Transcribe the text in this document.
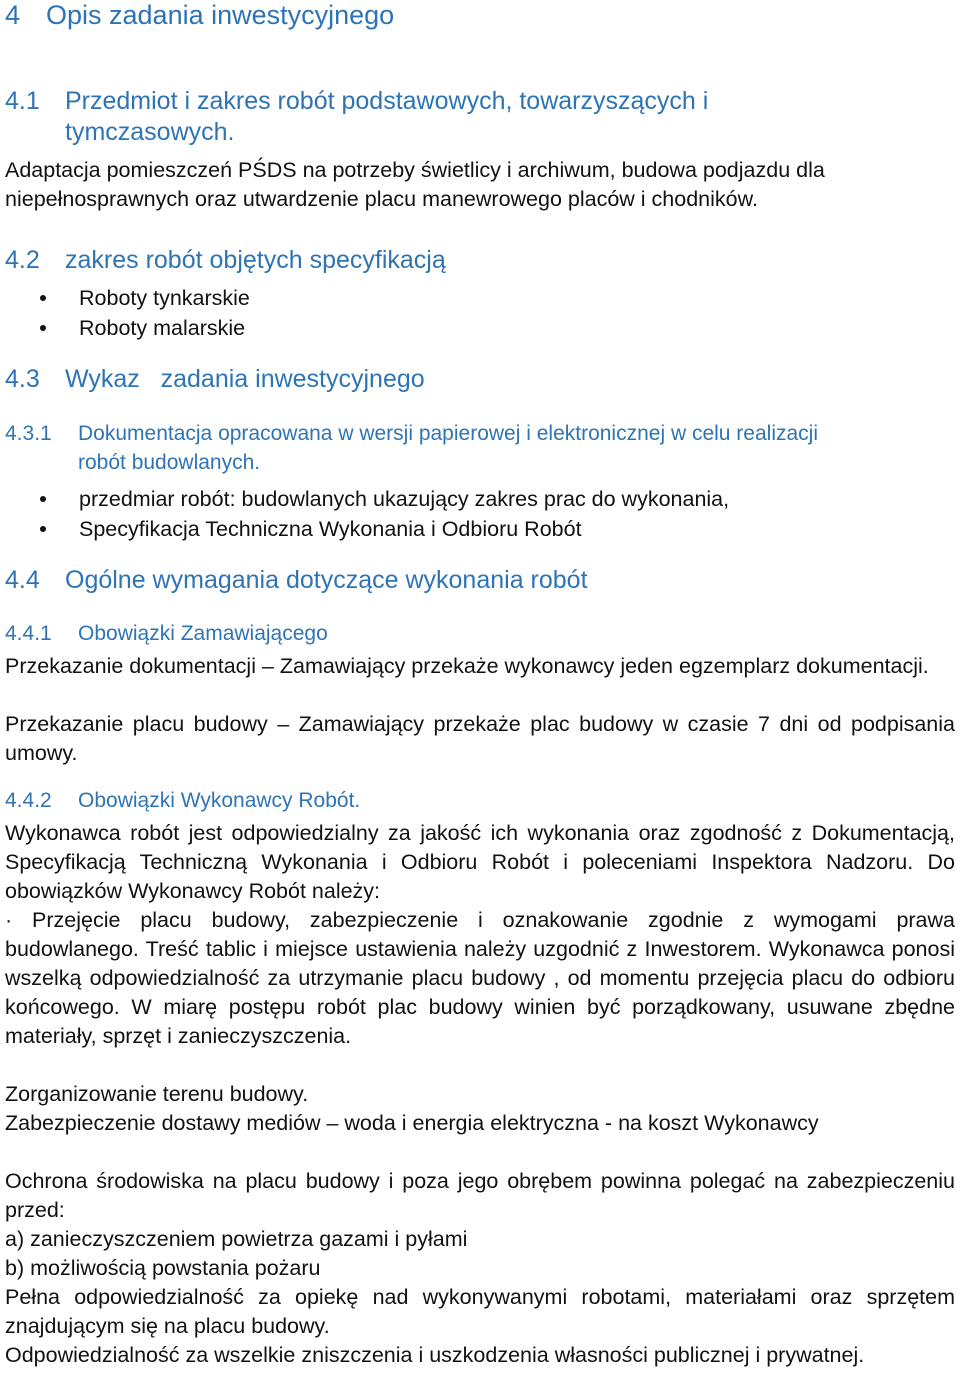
4 Opis zadania inwestycyjnego
4.1 Przedmiot i zakres robót podstawowych, towarzyszących i
tymczasowych.
Adaptacja pomieszczeń PŚDS na potrzeby świetlicy i archiwum, budowa podjazdu dla niepełnosprawnych oraz utwardzenie placu manewrowego placów i chodników.
4.2 zakres robót objętych specyfikacją
Roboty tynkarskie
Roboty malarskie
4.3 Wykaz   zadania inwestycyjnego
4.3.1 Dokumentacja opracowana w wersji papierowej i elektronicznej w celu realizacji
robót budowlanych.
przedmiar robót: budowlanych ukazujący zakres prac do wykonania,
Specyfikacja Techniczna Wykonania i Odbioru Robót
4.4 Ogólne wymagania dotyczące wykonania robót
4.4.1 Obowiązki Zamawiającego
Przekazanie dokumentacji – Zamawiający przekaże wykonawcy jeden egzemplarz dokumentacji.
Przekazanie placu budowy – Zamawiający przekaże plac budowy w czasie 7 dni od podpisania umowy.
4.4.2 Obowiązki Wykonawcy Robót.
Wykonawca robót jest odpowiedzialny za jakość ich wykonania oraz zgodność z Dokumentacją, Specyfikacją Techniczną Wykonania i Odbioru Robót i poleceniami Inspektora Nadzoru. Do obowiązków Wykonawcy Robót należy:
· Przejęcie placu budowy, zabezpieczenie i oznakowanie zgodnie z wymogami prawa budowlanego. Treść tablic i miejsce ustawienia należy uzgodnić z Inwestorem. Wykonawca ponosi wszelką odpowiedzialność za utrzymanie placu budowy , od momentu przejęcia placu do odbioru końcowego. W miarę postępu robót plac budowy winien być porządkowany, usuwane zbędne materiały, sprzęt i zanieczyszczenia.
Zorganizowanie terenu budowy.
Zabezpieczenie dostawy mediów – woda i energia elektryczna - na koszt Wykonawcy
Ochrona środowiska na placu budowy i poza jego obrębem powinna polegać na zabezpieczeniu przed:
a) zanieczyszczeniem powietrza gazami i pyłami
b) możliwością powstania pożaru
Pełna odpowiedzialność za opiekę nad wykonywanymi robotami, materiałami oraz sprzętem znajdującym się na placu budowy.
Odpowiedzialność za wszelkie zniszczenia i uszkodzenia własności publicznej i prywatnej.
